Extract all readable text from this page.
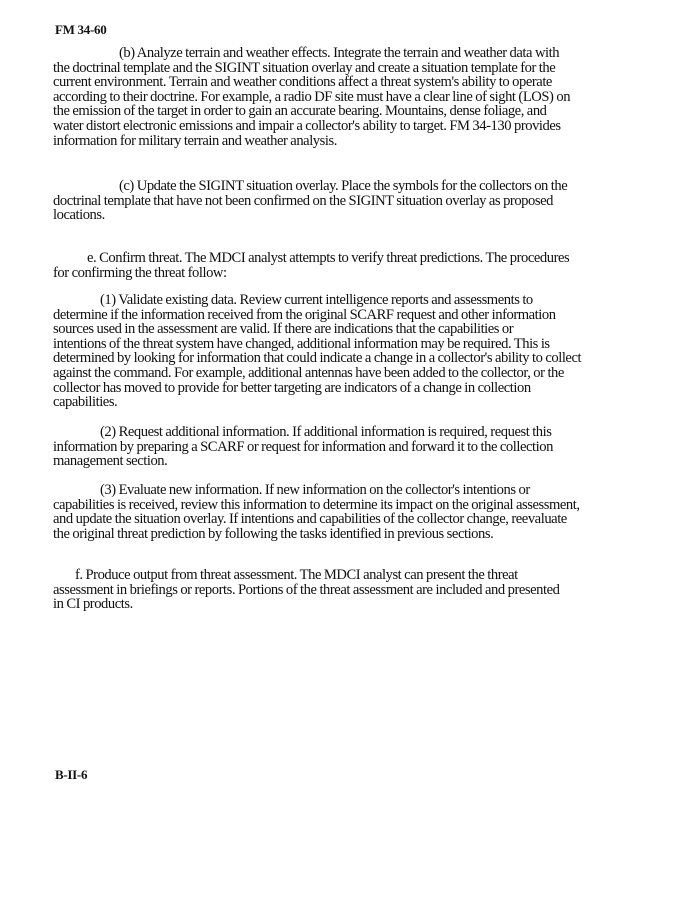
FM 34-60
(b) Analyze terrain and weather effects. Integrate the terrain and weather data with
the doctrinal template and the SIGINT situation overlay and create a situation template for the
current environment. Terrain and weather conditions affect a threat system's ability to operate
according to their doctrine. For example, a radio DF site must have a clear line of sight (LOS) on
the emission of the target in order to gain an accurate bearing. Mountains, dense foliage, and
water distort electronic emissions and impair a collector's ability to target. FM 34-130 provides
information for military terrain and weather analysis.
(c) Update the SIGINT situation overlay. Place the symbols for the collectors on the
doctrinal template that have not been confirmed on the SIGINT situation overlay as proposed
locations.
e. Confirm threat. The MDCI analyst attempts to verify threat predictions. The procedures
for confirming the threat follow:
(1) Validate existing data. Review current intelligence reports and assessments to
determine if the information received from the original SCARF request and other information
sources used in the assessment are valid. If there are indications that the capabilities or
intentions of the threat system have changed, additional information may be required. This is
determined by looking for information that could indicate a change in a collector's ability to collect
against the command. For example, additional antennas have been added to the collector, or the
collector has moved to provide for better targeting are indicators of a change in collection
capabilities.
(2) Request additional information. If additional information is required, request this
information by preparing a SCARF or request for information and forward it to the collection
management section.
(3) Evaluate new information. If new information on the collector's intentions or
capabilities is received, review this information to determine its impact on the original assessment,
and update the situation overlay. If intentions and capabilities of the collector change, reevaluate
the original threat prediction by following the tasks identified in previous sections.
f. Produce output from threat assessment. The MDCI analyst can present the threat
assessment in briefings or reports. Portions of the threat assessment are included and presented
in CI products.
B-II-6
